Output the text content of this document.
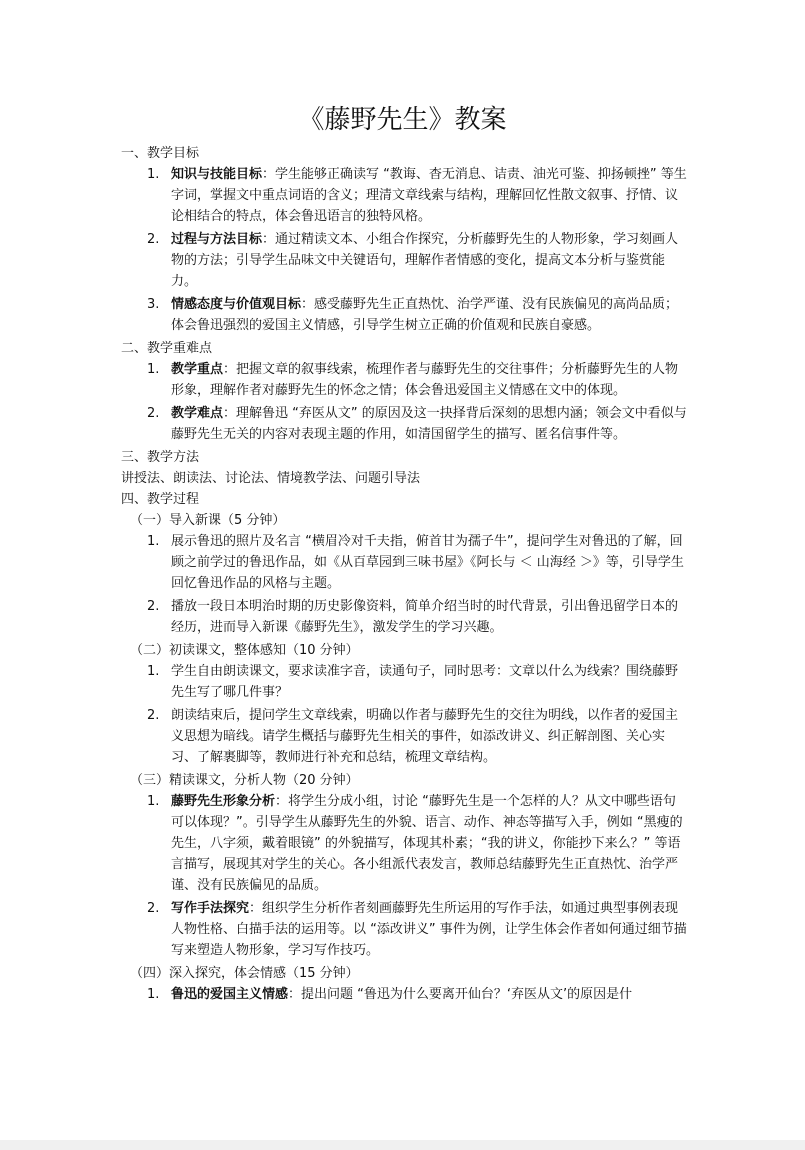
《藤野先生》教案

一、教学目标

1. 知识与技能目标：学生能够正确读写 “教诲、杳无消息、诘责、油光可鉴、抑扬顿挫” 等生字词，掌握文中重点词语的含义；理清文章线索与结构，理解回忆性散文叙事、抒情、议论相结合的特点，体会鲁迅语言的独特风格。
2. 过程与方法目标：通过精读文本、小组合作探究，分析藤野先生的人物形象，学习刻画人物的方法；引导学生品味文中关键语句，理解作者情感的变化，提高文本分析与鉴赏能力。
3. 情感态度与价值观目标：感受藤野先生正直热忱、治学严谨、没有民族偏见的高尚品质；体会鲁迅强烈的爱国主义情感，引导学生树立正确的价值观和民族自豪感。

二、教学重难点

1. 教学重点：把握文章的叙事线索，梳理作者与藤野先生的交往事件；分析藤野先生的人物形象，理解作者对藤野先生的怀念之情；体会鲁迅爱国主义情感在文中的体现。
2. 教学难点：理解鲁迅 “弃医从文” 的原因及这一抉择背后深刻的思想内涵；领会文中看似与藤野先生无关的内容对表现主题的作用，如清国留学生的描写、匿名信事件等。

三、教学方法

讲授法、朗读法、讨论法、情境教学法、问题引导法

四、教学过程

（一）导入新课（5 分钟）

1. 展示鲁迅的照片及名言 “横眉冷对千夫指，俯首甘为孺子牛”，提问学生对鲁迅的了解，回顾之前学过的鲁迅作品，如《从百草园到三味书屋》《阿长与 ＜ 山海经 ＞》等，引导学生回忆鲁迅作品的风格与主题。
2. 播放一段日本明治时期的历史影像资料，简单介绍当时的时代背景，引出鲁迅留学日本的经历，进而导入新课《藤野先生》，激发学生的学习兴趣。

（二）初读课文，整体感知（10 分钟）

1. 学生自由朗读课文，要求读准字音，读通句子，同时思考：文章以什么为线索？围绕藤野先生写了哪几件事？
2. 朗读结束后，提问学生文章线索，明确以作者与藤野先生的交往为明线，以作者的爱国主义思想为暗线。请学生概括与藤野先生相关的事件，如添改讲义、纠正解剖图、关心实习、了解裹脚等，教师进行补充和总结，梳理文章结构。

（三）精读课文，分析人物（20 分钟）

1. 藤野先生形象分析：将学生分成小组，讨论 “藤野先生是一个怎样的人？从文中哪些语句可以体现？”。引导学生从藤野先生的外貌、语言、动作、神态等描写入手，例如 “黑瘦的先生，八字须，戴着眼镜” 的外貌描写，体现其朴素；“我的讲义，你能抄下来么？” 等语言描写，展现其对学生的关心。各小组派代表发言，教师总结藤野先生正直热忱、治学严谨、没有民族偏见的品质。
2. 写作手法探究：组织学生分析作者刻画藤野先生所运用的写作手法，如通过典型事例表现人物性格、白描手法的运用等。以 “添改讲义” 事件为例，让学生体会作者如何通过细节描写来塑造人物形象，学习写作技巧。

（四）深入探究，体会情感（15 分钟）

1. 鲁迅的爱国主义情感：提出问题 “鲁迅为什么要离开仙台？‘弃医从文’的原因是什
